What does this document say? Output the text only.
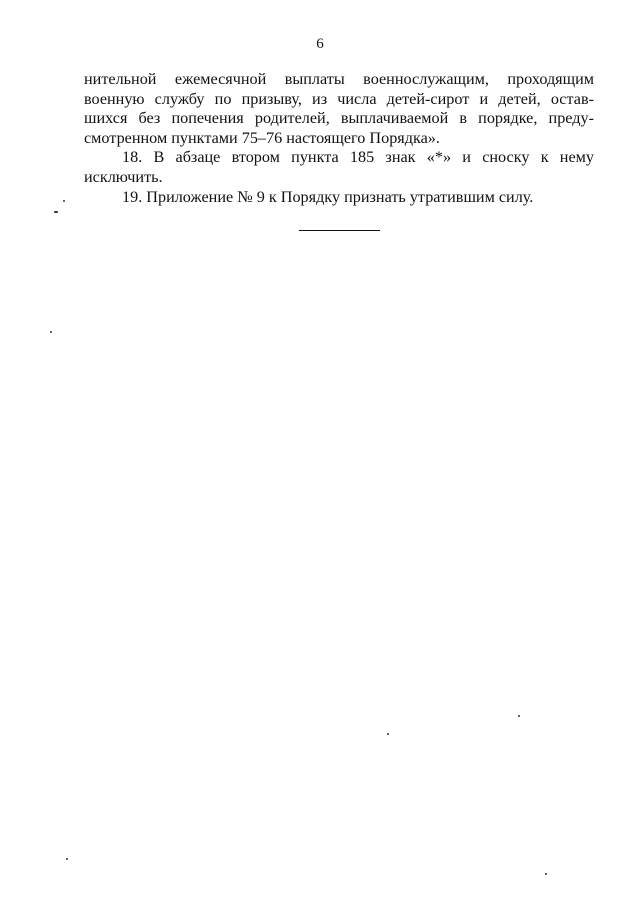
6

нительной ежемесячной выплаты военнослужащим, проходящим

военную службу по призыву, из числа детей-сирот и детей, остав-

шихся без попечения родителей, выплачиваемой в порядке, преду-

смотренном пунктами 75–76 настоящего Порядка».

18. В абзаце втором пункта 185 знак «*» и сноску к нему

исключить.

19. Приложение № 9 к Порядку признать утратившим силу.
